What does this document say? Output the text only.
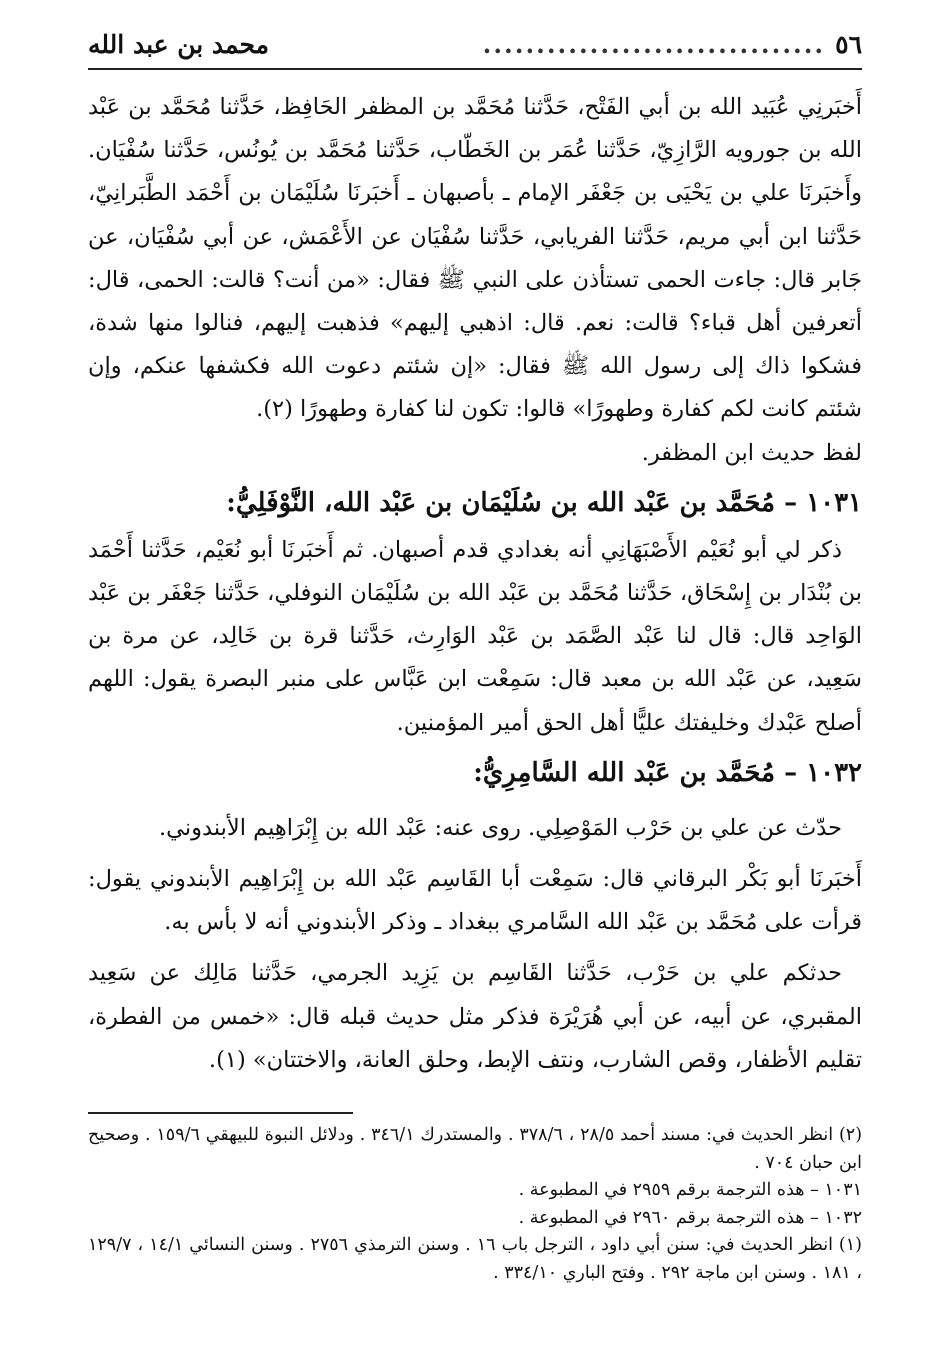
٥٦
................................
محمد بن عبد الله

أَخبَرنِي عُبَيد الله بن أبي الفَتْح، حَدَّثنا مُحَمَّد بن المظفر الحَافِظ، حَدَّثنا مُحَمَّد بن عَبْد الله بن جورويه الرَّازِيّ، حَدَّثنا عُمَر بن الخَطّاب، حَدَّثنا مُحَمَّد بن يُونُس، حَدَّثنا سُفْيَان. وأَخبَرنَا علي بن يَحْيَى بن جَعْفَر الإمام ـ بأصبهان ـ أَخبَرنَا سُلَيْمَان بن أَحْمَد الطَّبَرانِيّ، حَدَّثنا ابن أبي مريم، حَدَّثنا الفريابي، حَدَّثنا سُفْيَان عن الأَعْمَش، عن أبي سُفْيَان، عن جَابر قال: جاءت الحمى تستأذن على النبي ﷺ فقال: «من أنت؟ قالت: الحمى، قال: أتعرفين أهل قباء؟ قالت: نعم. قال: اذهبي إليهم» فذهبت إليهم، فنالوا منها شدة، فشكوا ذاك إلى رسول الله ﷺ فقال: «إن شئتم دعوت الله فكشفها عنكم، وإن شئتم كانت لكم كفارة وطهورًا» قالوا: تكون لنا كفارة وطهورًا (٢).

لفظ حديث ابن المظفر.

١٠٣١ – مُحَمَّد بن عَبْد الله بن سُلَيْمَان بن عَبْد الله، النَّوْفَلِيُّ:

ذكر لي أبو نُعَيْم الأَصْبَهَانِي أنه بغدادي قدم أصبهان. ثم أَخبَرنَا أبو نُعَيْم، حَدَّثنا أَحْمَد بن بُنْدَار بن إِسْحَاق، حَدَّثنا مُحَمَّد بن عَبْد الله بن سُلَيْمَان النوفلي، حَدَّثنا جَعْفَر بن عَبْد الوَاحِد قال: قال لنا عَبْد الصَّمَد بن عَبْد الوَارِث، حَدَّثنا قرة بن خَالِد، عن مرة بن سَعِيد، عن عَبْد الله بن معبد قال: سَمِعْت ابن عَبَّاس على منبر البصرة يقول: اللهم أصلح عَبْدك وخليفتك عليًّا أهل الحق أمير المؤمنين.

١٠٣٢ – مُحَمَّد بن عَبْد الله السَّامِرِيُّ:

حدّث عن علي بن حَرْب المَوْصِلِي. روى عنه: عَبْد الله بن إِبْرَاهِيم الأبندوني.

أَخبَرنَا أبو بَكْر البرقاني قال: سَمِعْت أبا القَاسِم عَبْد الله بن إِبْرَاهِيم الأبندوني يقول: قرأت على مُحَمَّد بن عَبْد الله السَّامري ببغداد ـ وذكر الأبندوني أنه لا بأس به.

حدثكم علي بن حَرْب، حَدَّثنا القَاسِم بن يَزِيد الجرمي، حَدَّثنا مَالِك عن سَعِيد المقبري، عن أبيه، عن أبي هُرَيْرَة فذكر مثل حديث قبله قال: «خمس من الفطرة، تقليم الأظفار، وقص الشارب، ونتف الإبط، وحلق العانة، والاختتان» (١).

(٢) انظر الحديث في: مسند أحمد ٢٨/٥ ، ٣٧٨/٦ . والمستدرك ٣٤٦/١ . ودلائل النبوة للبيهقي ١٥٩/٦ . وصحيح ابن حبان ٧٠٤ .

١٠٣١ – هذه الترجمة برقم ٢٩٥٩ في المطبوعة .

١٠٣٢ – هذه الترجمة برقم ٢٩٦٠ في المطبوعة .

(١) انظر الحديث في: سنن أبي داود ، الترجل باب ١٦ . وسنن الترمذي ٢٧٥٦ . وسنن النسائي ١٤/١ ، ١٢٩/٧ ، ١٨١ . وسنن ابن ماجة ٢٩٢ . وفتح الباري ٣٣٤/١٠ .
